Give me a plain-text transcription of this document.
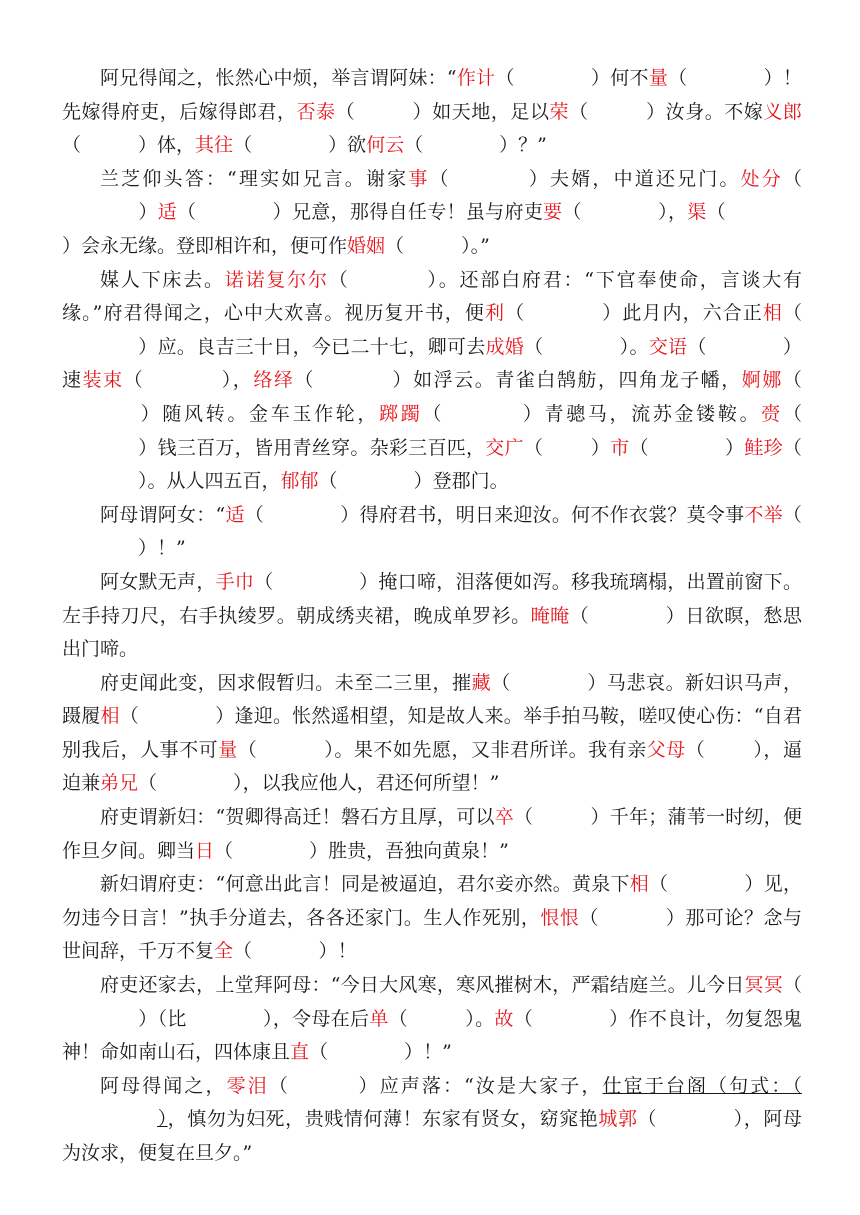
阿兄得闻之，怅然心中烦，举言谓阿妹：“作计（	）何不量（	）！先嫁得府吏，后嫁得郎君，否泰（	）如天地，足以荣（	）汝身。不嫁义郎（	）体，其往（	）欲何云（	）？”

兰芝仰头答：“理实如兄言。谢家事（	）夫婿，中道还兄门。处分（）适（	）兄意，那得自任专！虽与府吏要（	），渠（）会永无缘。登即相许和，便可作婚姻（	）。”

媒人下床去。诺诺复尔尔（	）。还部白府君：“下官奉使命，言谈大有缘。”府君得闻之，心中大欢喜。视历复开书，便利（	）此月内，六合正相（）应。良吉三十日，今已二十七，卿可去成婚（	）。交语（	）速装束（	），络绎（	）如浮云。青雀白鹄舫，四角龙子幡，婀娜（）随风转。金车玉作轮，踯躅（	）青骢马，流苏金镂鞍。赍（）钱三百万，皆用青丝穿。杂彩三百匹，交广（	）市（	）鲑珍（）。从人四五百，郁郁（	）登郡门。

阿母谓阿女：“适（	）得府君书，明日来迎汝。何不作衣裳？莫令事不举（）！”

阿女默无声，手巾（	）掩口啼，泪落便如泻。移我琉璃榻，出置前窗下。左手持刀尺，右手执绫罗。朝成绣夹裙，晚成单罗衫。晻晻（	）日欲暝，愁思出门啼。

府吏闻此变，因求假暂归。未至二三里，摧藏（	）马悲哀。新妇识马声，蹑履相（	）逢迎。怅然遥相望，知是故人来。举手拍马鞍，嗟叹使心伤：“自君别我后，人事不可量（	）。果不如先愿，又非君所详。我有亲父母（	），逼迫兼弟兄（	），以我应他人，君还何所望！”

府吏谓新妇：“贺卿得高迁！磐石方且厚，可以卒（	）千年；蒲苇一时纫，便作旦夕间。卿当日（	）胜贵，吾独向黄泉！”

新妇谓府吏：“何意出此言！同是被逼迫，君尔妾亦然。黄泉下相（	）见，勿违今日言！”执手分道去，各各还家门。生人作死别，恨恨（	）那可论？念与世间辞，千万不复全（	）！

府吏还家去，上堂拜阿母：“今日大风寒，寒风摧树木，严霜结庭兰。儿今日冥冥（）（比	），令母在后单（	）。故（	）作不良计，勿复怨鬼神！命如南山石，四体康且直（	）！”

阿母得闻之，零泪（	）应声落：“汝是大家子，仕宦于台阁（句式：（），慎勿为妇死，贵贱情何薄！东家有贤女，窈窕艳城郭（	），阿母为汝求，便复在旦夕。”
